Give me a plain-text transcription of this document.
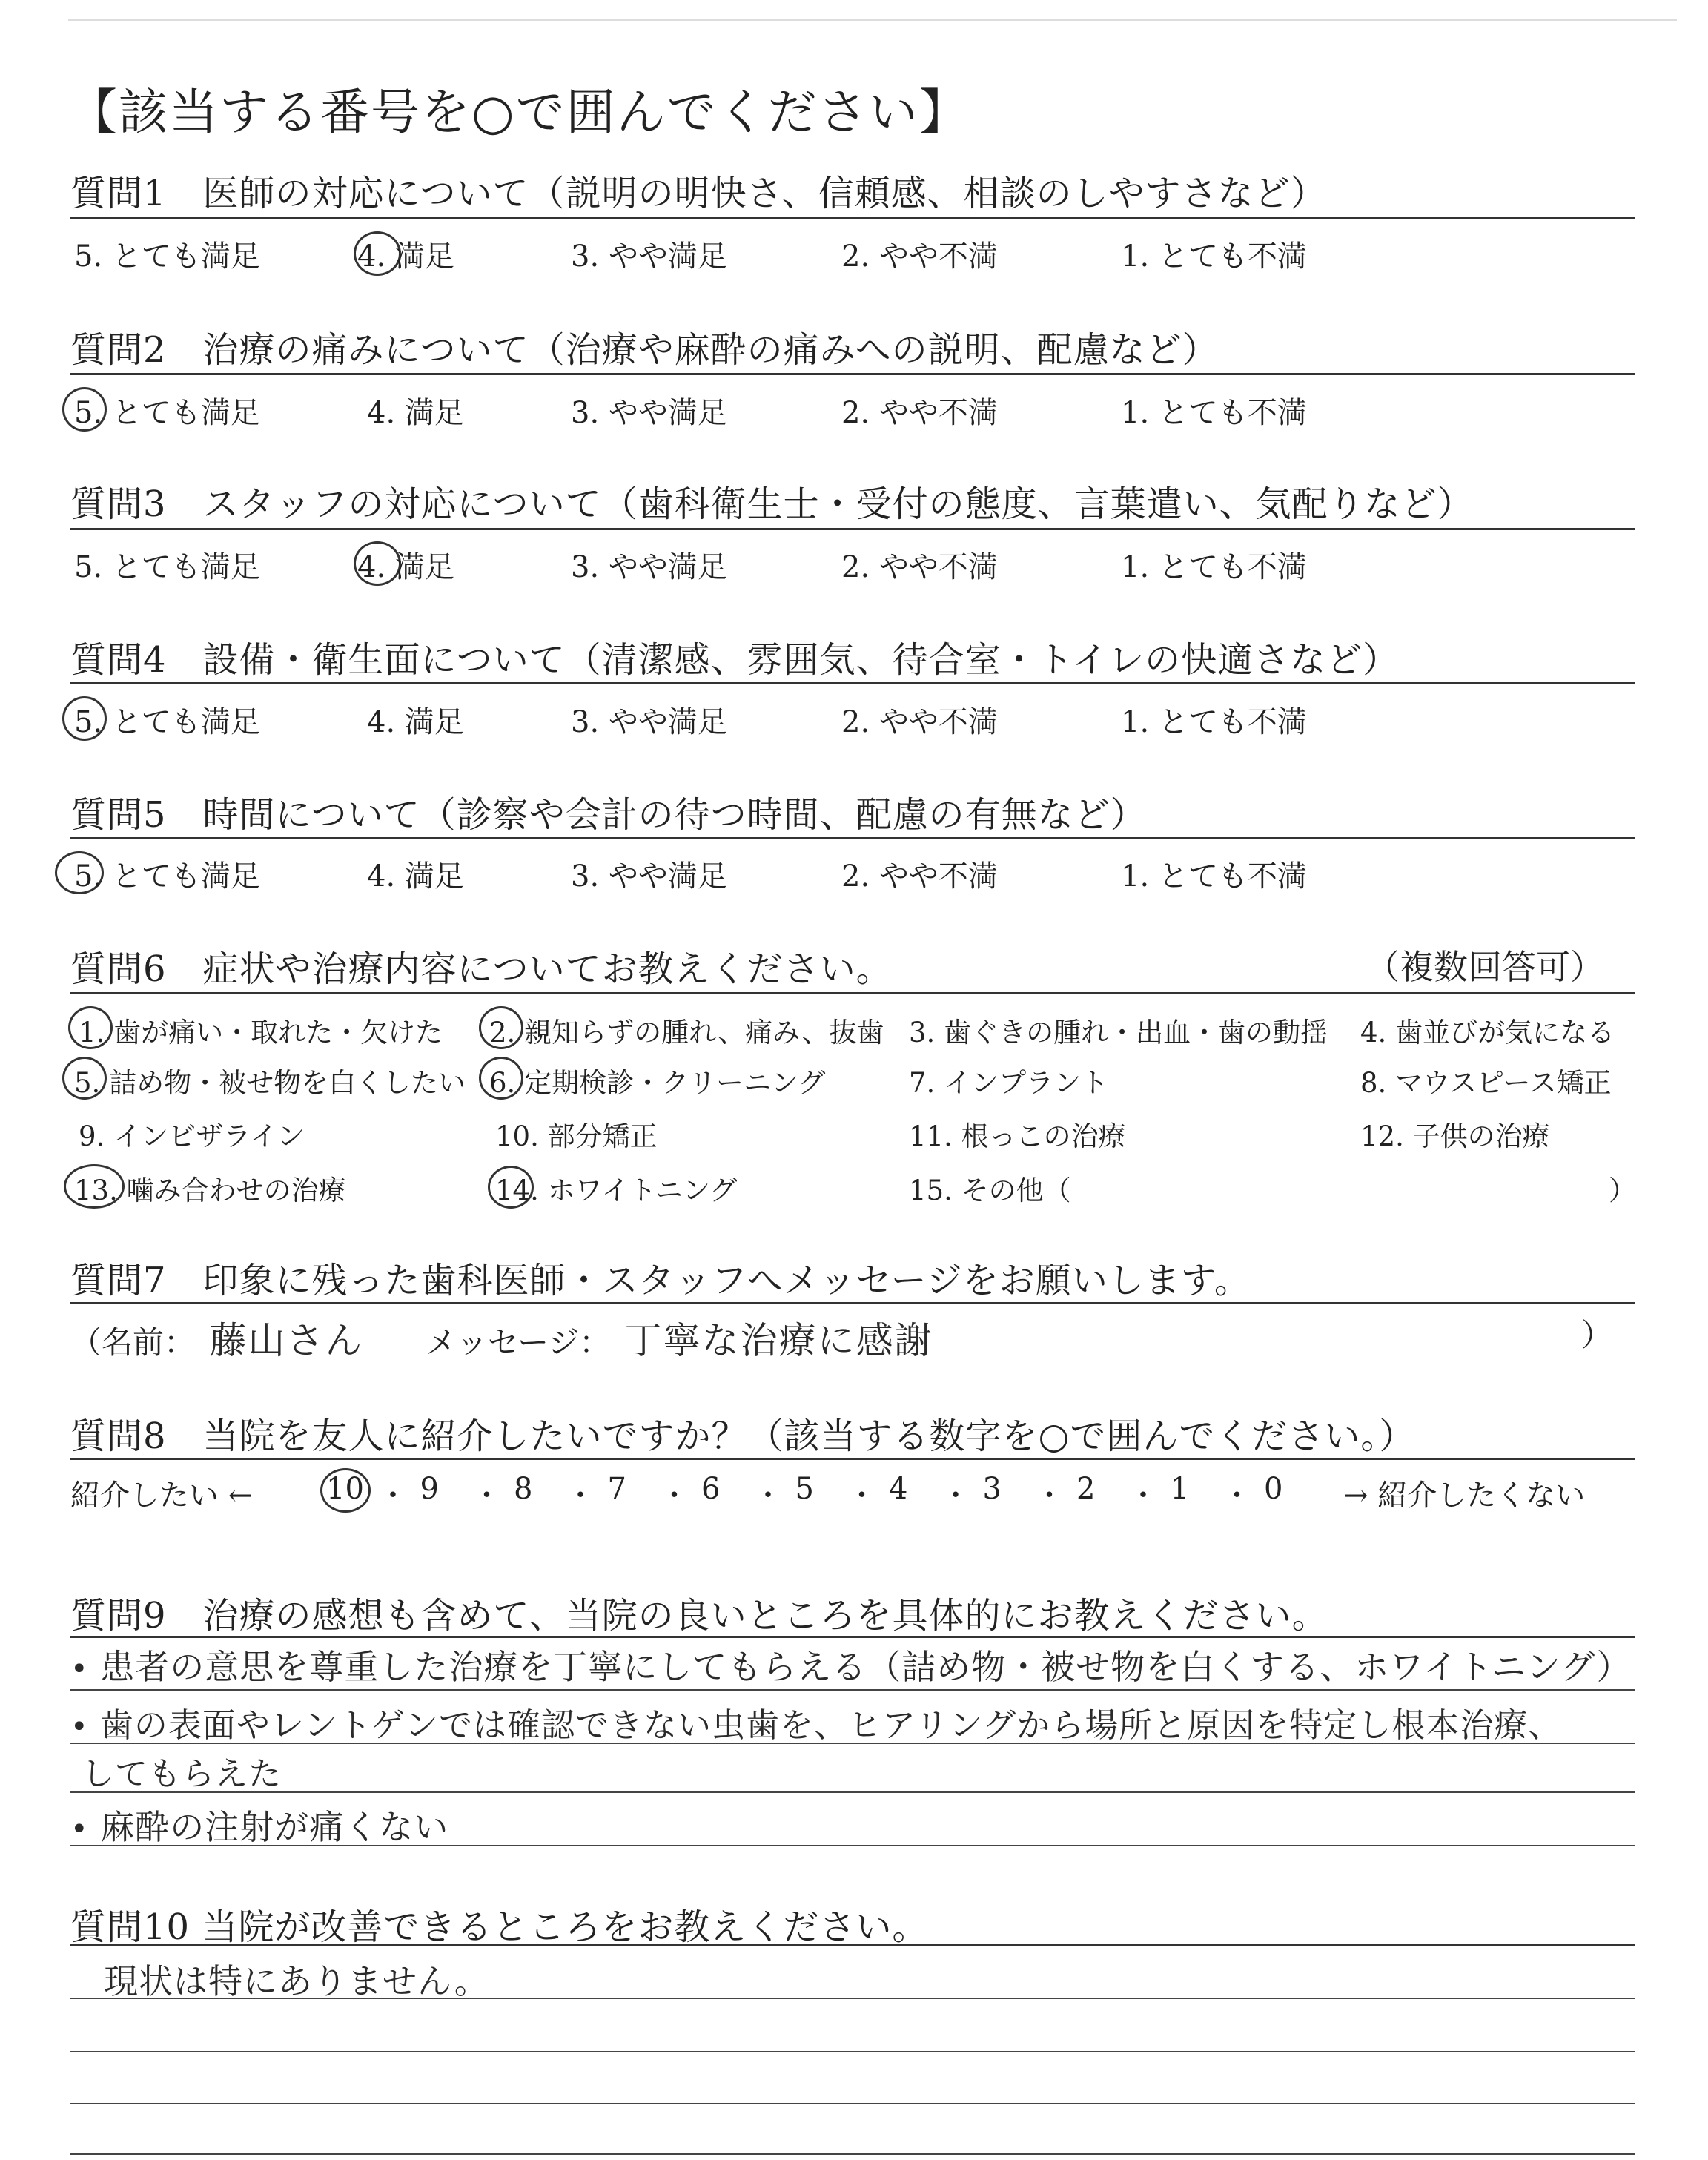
【該当する番号を○で囲んでください】
質問1　医師の対応について（説明の明快さ、信頼感、相談のしやすさなど）
5. とても満足	4. 満足	3. やや満足	2. やや不満	1. とても不満
質問2　治療の痛みについて（治療や麻酔の痛みへの説明、配慮など）
5. とても満足	4. 満足	3. やや満足	2. やや不満	1. とても不満
質問3　スタッフの対応について（歯科衛生士・受付の態度、言葉遣い、気配りなど）
5. とても満足	4. 満足	3. やや満足	2. やや不満	1. とても不満
質問4　設備・衛生面について（清潔感、雰囲気、待合室・トイレの快適さなど）
5. とても満足	4. 満足	3. やや満足	2. やや不満	1. とても不満
質問5　時間について（診察や会計の待つ時間、配慮の有無など）
5. とても満足	4. 満足	3. やや満足	2. やや不満	1. とても不満
質問6　症状や治療内容についてお教えください。	（複数回答可）
1. 歯が痛い・取れた・欠けた 2. 親知らずの腫れ、痛み、抜歯 3. 歯ぐきの腫れ・出血・歯の動揺 4. 歯並びが気になる
5. 詰め物・被せ物を白くしたい 6. 定期検診・クリーニング	7. インプラント	8. マウスピース矯正
9. インビザライン	10. 部分矯正	11. 根っこの治療	12. 子供の治療
13. 噛み合わせの治療	14. ホワイトニング	15. その他（	）
質問7　印象に残った歯科医師・スタッフへメッセージをお願いします。
（名前： 藤山さん メッセージ： 丁寧な治療に感謝	）
質問8　当院を友人に紹介したいですか？（該当する数字を○で囲んでください。）
紹介したい ← 10 ・ 9 ・ 8 ・ 7 ・ 6 ・ 5 ・ 4 ・ 3 ・ 2 ・ 1 ・ 0 → 紹介したくない
質問9　治療の感想も含めて、当院の良いところを具体的にお教えください。
• 患者の意思を尊重した治療を丁寧にしてもらえる（詰め物・被せ物を白くする、ホワイトニング）
• 歯の表面やレントゲンでは確認できない虫歯を、ヒアリングから場所と原因を特定し根本治療、
してもらえた
• 麻酔の注射が痛くない
質問10 当院が改善できるところをお教えください。
現状は特にありません。
